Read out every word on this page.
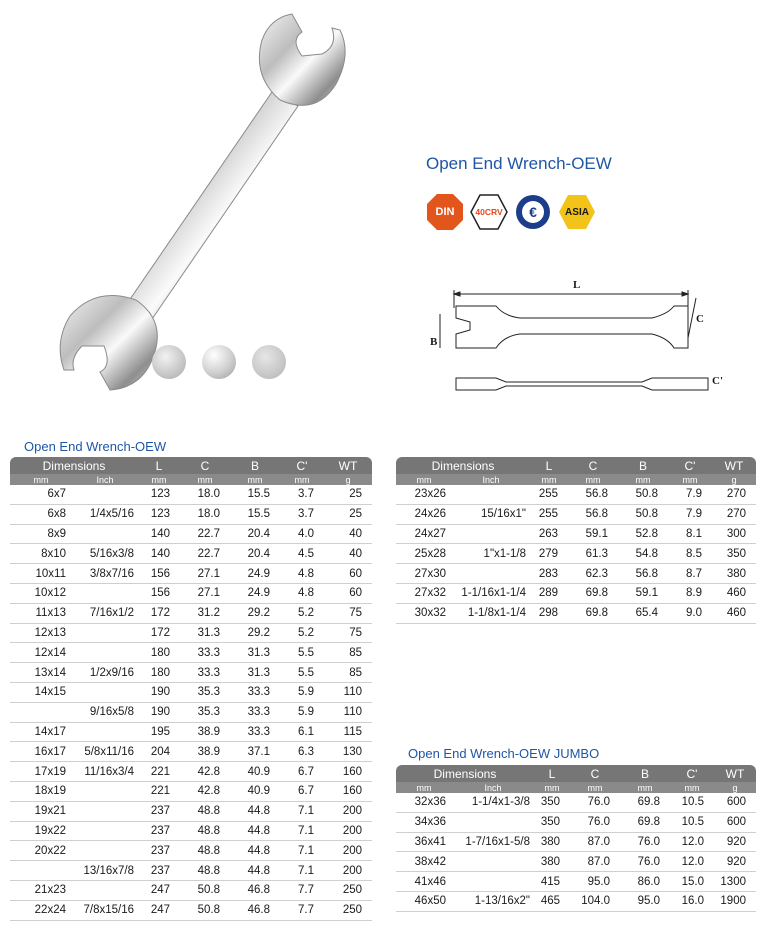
Open End Wrench-OEW
DIN	40CRV	€	ASIA
L
C
B
C'
Open End Wrench-OEW
Dimensions		L	C	B	C'	WT
mm	Inch	mm	mm	mm	mm	g
6x7		123	18.0	15.5	3.7	25
6x8	1/4x5/16	123	18.0	15.5	3.7	25
8x9		140	22.7	20.4	4.0	40
8x10	5/16x3/8	140	22.7	20.4	4.5	40
10x11	3/8x7/16	156	27.1	24.9	4.8	60
10x12		156	27.1	24.9	4.8	60
11x13	7/16x1/2	172	31.2	29.2	5.2	75
12x13		172	31.3	29.2	5.2	75
12x14		180	33.3	31.3	5.5	85
13x14	1/2x9/16	180	33.3	31.3	5.5	85
14x15		190	35.3	33.3	5.9	110
	9/16x5/8	190	35.3	33.3	5.9	110
14x17		195	38.9	33.3	6.1	115
16x17	5/8x11/16	204	38.9	37.1	6.3	130
17x19	11/16x3/4	221	42.8	40.9	6.7	160
18x19		221	42.8	40.9	6.7	160
19x21		237	48.8	44.8	7.1	200
19x22		237	48.8	44.8	7.1	200
20x22		237	48.8	44.8	7.1	200
	13/16x7/8	237	48.8	44.8	7.1	200
21x23		247	50.8	46.8	7.7	250
22x24	7/8x15/16	247	50.8	46.8	7.7	250
Dimensions		L	C	B	C'	WT
mm	Inch	mm	mm	mm	mm	g
23x26		255	56.8	50.8	7.9	270
24x26	15/16x1"	255	56.8	50.8	7.9	270
24x27		263	59.1	52.8	8.1	300
25x28	1"x1-1/8	279	61.3	54.8	8.5	350
27x30		283	62.3	56.8	8.7	380
27x32	1-1/16x1-1/4	289	69.8	59.1	8.9	460
30x32	1-1/8x1-1/4	298	69.8	65.4	9.0	460
Open End Wrench-OEW JUMBO
Dimensions		L	C	B	C'	WT
mm	Inch	mm	mm	mm	mm	g
32x36	1-1/4x1-3/8	350	76.0	69.8	10.5	600
34x36		350	76.0	69.8	10.5	600
36x41	1-7/16x1-5/8	380	87.0	76.0	12.0	920
38x42		380	87.0	76.0	12.0	920
41x46		415	95.0	86.0	15.0	1300
46x50	1-13/16x2"	465	104.0	95.0	16.0	1900
